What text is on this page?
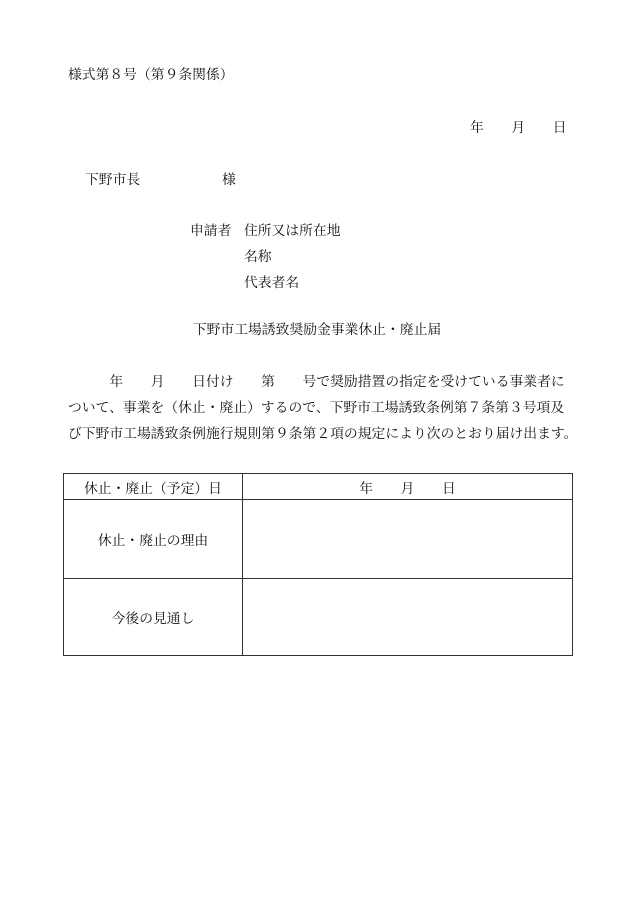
様式第８号（第９条関係）
年　　月　　日
下野市長	様
申請者 住所又は所在地
名称
代表者名
下野市工場誘致奨励金事業休止・廃止届
　　　年　　月　　日付け　　第　　号で奨励措置の指定を受けている事業者に
ついて、事業を（休止・廃止）するので、下野市工場誘致条例第７条第３号項及
び下野市工場誘致条例施行規則第９条第２項の規定により次のとおり届け出ます。
休止・廃止（予定）日	年　　月　　日
休止・廃止の理由	
今後の見通し	
